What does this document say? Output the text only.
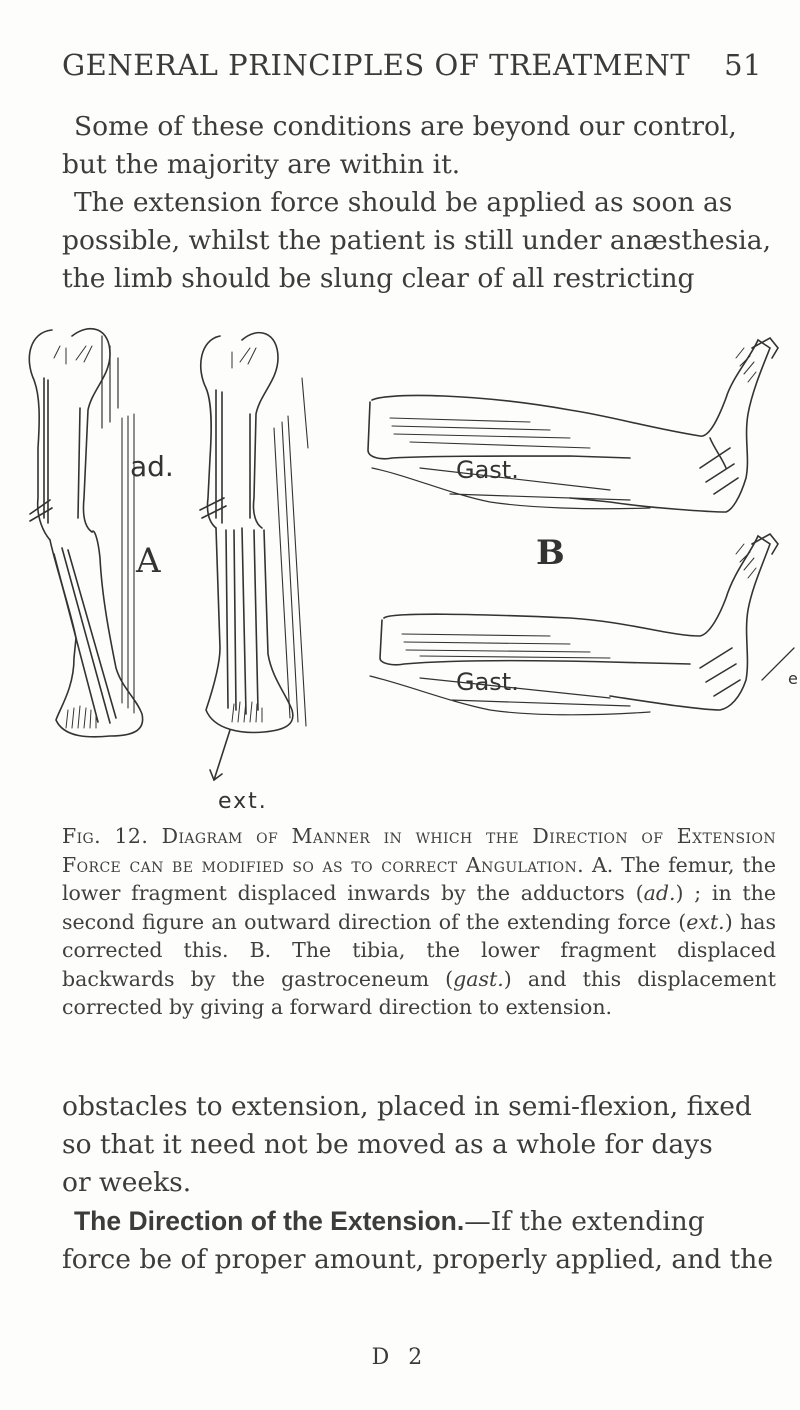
GENERAL PRINCIPLES OF TREATMENT 51

Some of these conditions are beyond our control,

but the majority are within it.

The extension force should be applied as soon as

possible, whilst the patient is still under anæsthesia,

the limb should be slung clear of all restricting

ad.
A	B
ext.
Gast.
Gast.	e
Fig. 12. Diagram of Manner in which the Direction of Extension Force can be modified so as to correct Angulation. A. The femur, the lower fragment displaced inwards by the adductors (ad.) ; in the second figure an outward direction of the extending force (ext.) has corrected this. B. The tibia, the lower fragment displaced backwards by the gastroceneum (gast.) and this displacement corrected by giving a forward direction to extension.

obstacles to extension, placed in semi-flexion, fixed

so that it need not be moved as a whole for days

or weeks.

The Direction of the Extension.—If the extending

force be of proper amount, properly applied, and the

D 2
